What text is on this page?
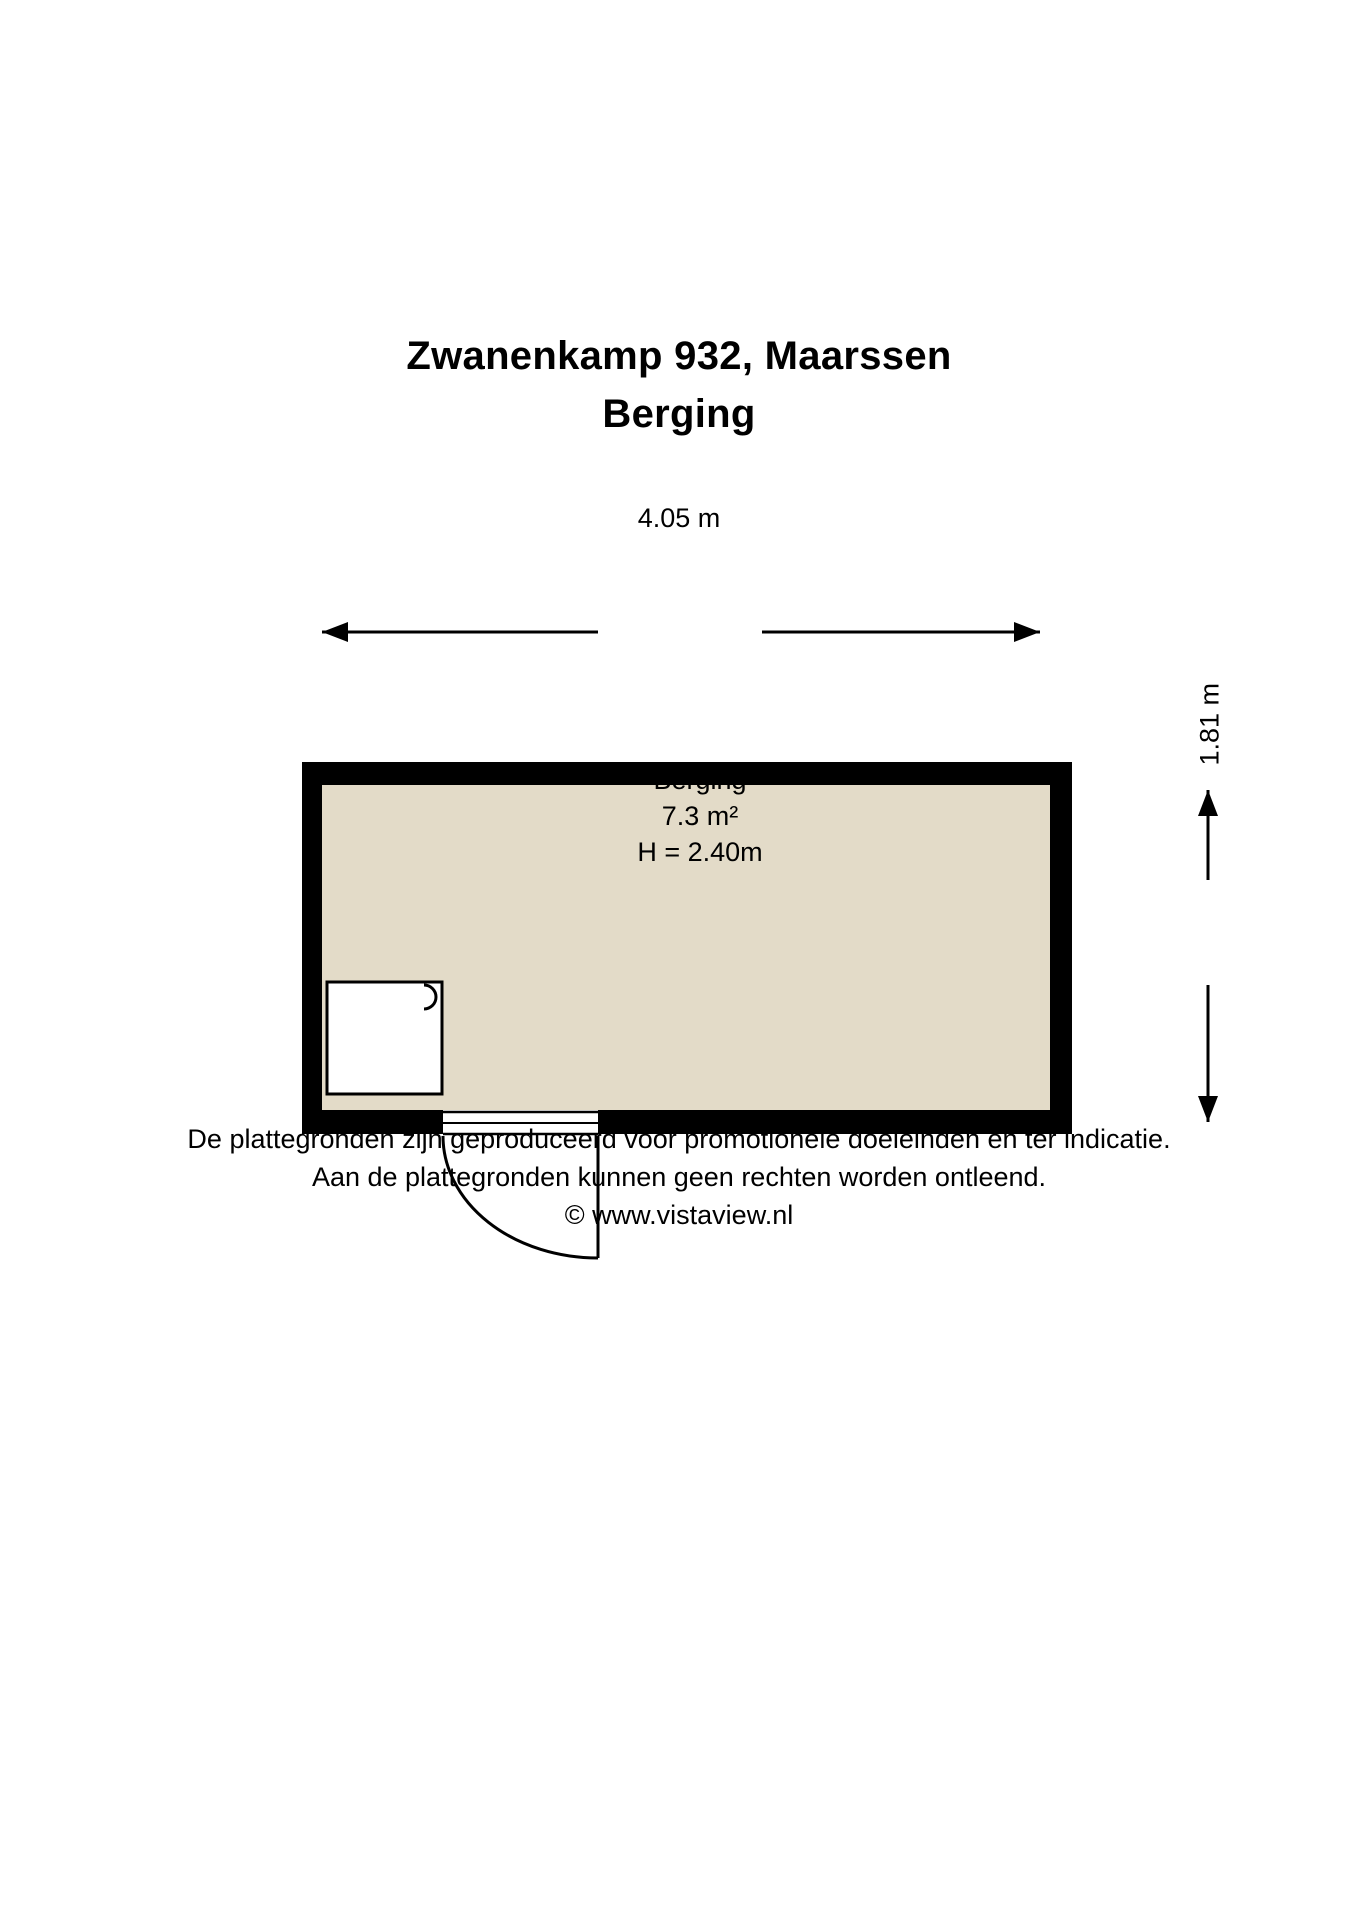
Zwanenkamp 932, Maarssen
Berging
4.05 m
1.81 m
Berging
7.3 m²
H = 2.40m
De plattegronden zijn geproduceerd voor promotionele doeleinden en ter indicatie.
Aan de plattegronden kunnen geen rechten worden ontleend.
© www.vistaview.nl
